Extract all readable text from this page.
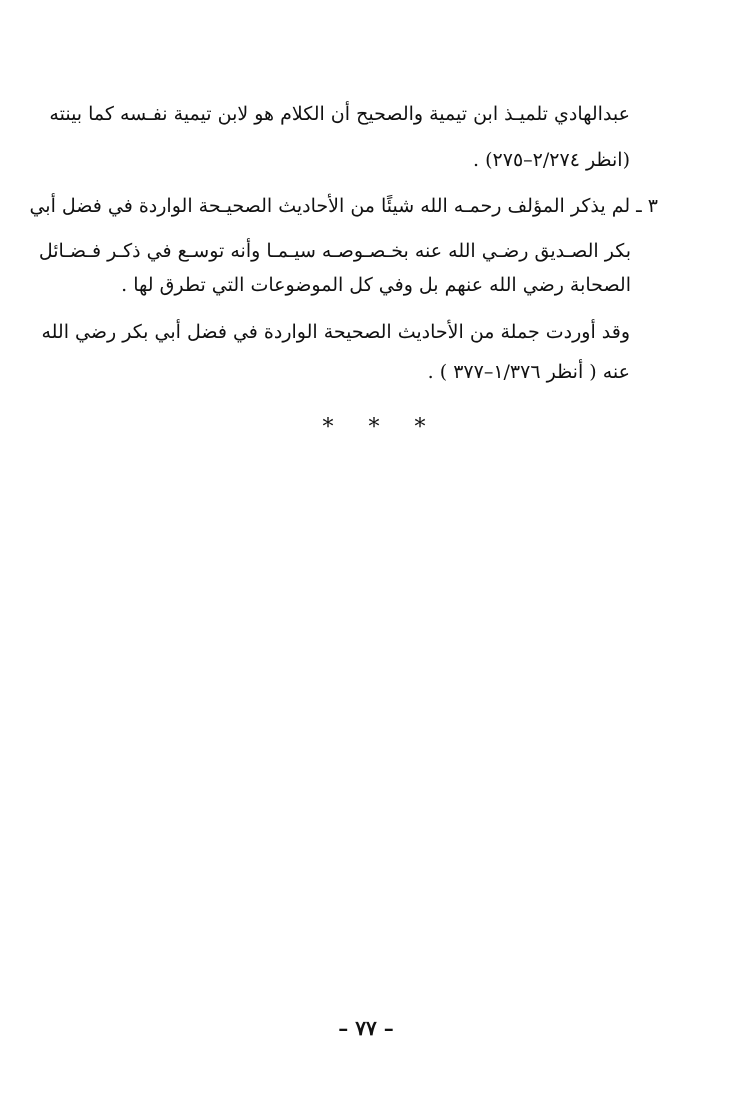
عبدالهادي تلميـذ ابن تيمية والصحيح أن الكلام هو لابن تيمية نفـسه كما بينته
(انظر ٢/٢٧٤–٢٧٥) .
٣ ـ لم يذكر المؤلف رحمـه الله شيئًا من الأحاديث الصحيـحة الواردة في فضل أبي
بكر الصـديق رضـي الله عنه بخـصـوصـه سيـمـا وأنه توسـع في ذكـر فـضـائل
الصحابة رضي الله عنهم بل وفي كل الموضوعات التي تطرق لها .
وقد أوردت جملة من الأحاديث الصحيحة الواردة في فضل أبي بكر رضي الله
عنه ( أنظر ١/٣٧٦–٣٧٧ ) .
* * *
– ٧٧ –
